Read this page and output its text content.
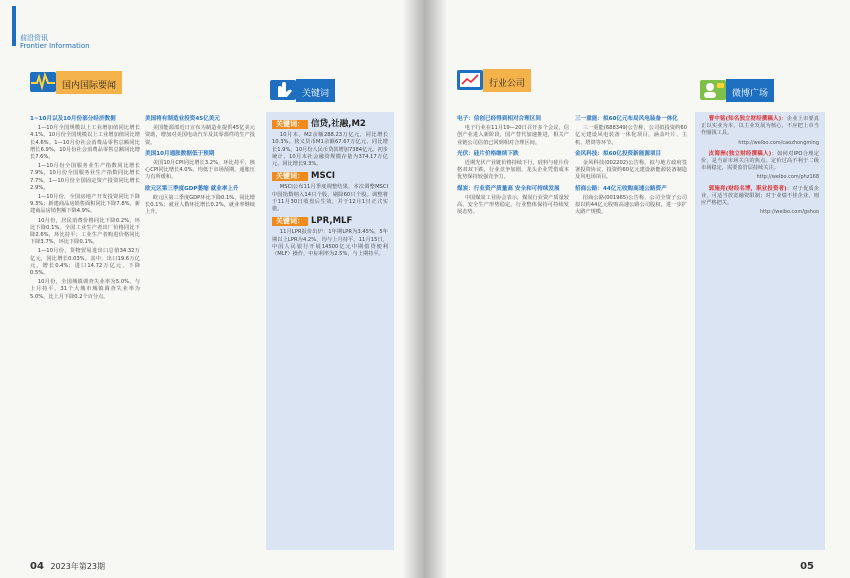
前沿资讯
Frontier Information
国内国际要闻
关键词
1~10月以及10月份部分经济数据

1—10月全国规模以上工业增加值同比增长4.1%。10月份全国规模以上工业增加值同比增长4.6%。1—10月份社会消费品零售总额同比增长6.9%，10月份社会消费品零售总额同比增长7.6%。

1—10月份全国服务业生产指数同比增长7.9%，10月份全国服务业生产指数同比增长7.7%。1—10月份全国固定资产投资同比增长2.9%。

1—10月份，全国房地产开发投资同比下降9.3%；新建商品房销售面积同比下降7.8%，新建商品房销售额下降4.9%。

10月份，居民消费价格同比下降0.2%，环比下降0.1%。全国工业生产者出厂价格同比下降2.6%，环比持平；工业生产者购进价格同比下降3.7%，环比下降0.1%。

1—10月份，货物贸易进出口总值34.32万亿元，同比增长0.03%。其中，出口19.6万亿元，增长0.4%；进口14.72万亿元，下降0.5%。

10月份，全国城镇调查失业率为5.0%，与上月持平。31个大城市城镇调查失业率为5.0%，比上月下降0.2个百分点。

美国将有制造业投资45亿美元

美国能源部近日宣布为制造业提供45亿美元资助，增加对美国电动汽车及其零部件的生产投资。

美国10月通胀数据低于预期

美国10月CPI同比增长3.2%，环比持平，核心CPI同比增长4.0%，均低于市场预期，通胀压力有所缓和。

欧元区第三季度GDP萎缩 就业率上升

欧元区第三季度GDP环比下降0.1%，同比增长0.1%；就业人数环比增长0.2%，就业率继续上升。

关键词： 信贷,社融,M2

10月末，M2余额288.23万亿元，同比增长10.3%。狭义货币M1余额67.67万亿元，同比增长1.9%。10月份人民币贷款增加7384亿元。初步统计，10月末社会融资规模存量为374.17万亿元，同比增长9.3%。

关键词： MSCI

MSCI公布11月季度调整结果，本次调整MSCI中国指数纳入14只个股，剔除60只个股。调整将于11月30日收盘后生效，并于12月1日正式实施。

关键词： LPR,MLF

11月LPR报价出炉：1年期LPR为3.45%，5年期以上LPR为4.2%，均与上月持平。11月15日，中国人民银行开展14500亿元中期借贷便利（MLF）操作，中标利率为2.5%，与上期持平。

04 2023年第23期
行业公司
微博广场
电子：信创已经得到相对合理区间

电子行业在11月19—20日召开多个会议，信创产业进入新阶段，国产替代加速推进，相关产业链公司估值已回到相对合理区间。

光伏：硅片价格继续下跌

近期光伏产业链价格持续下行，硅料与硅片价格双双下跌，行业竞争加剧，龙头企业凭借成本优势保持较强竞争力。

煤炭：行业资产质量高 安全和可持续发展

中国煤炭工业协会表示，煤炭行业资产质量较高，安全生产形势稳定，行业整体保持可持续发展态势。

三一重能：拟60亿元布局风电装备一体化

三一重能(688349)公告称，公司拟投资约60亿元建设风电装备一体化项目，涵盖叶片、主机、塔筒等环节。

金风科技：拟60亿投资新能源项目

金风科技(002202)公告称，拟与地方政府签署投资协议，投资约60亿元建设新能源装备制造及风电场项目。

招商公路：44亿元收购高速公路资产

招商公路(001965)公告称，公司全资子公司拟以约44亿元收购高速公路公司股权，进一步扩大路产规模。

曹中铭(知名独立财经撰稿人)：企业上市要真正以实业为本，以主业发展为核心，不应把上市当作圈钱工具。

http://weibo.com/caozhongming

皮海洲(独立财经撰稿人)：如何对IPO合理定价，是当前市场关注的焦点。定价过高不利于二级市场稳定，需要监管层持续关注。

http://weibo.com/phz168

郭施亮(财经名博，职业投资者)：对于优质企业，可适当放宽融资限制；对于业绩不佳企业，则应严格把关。

http://weibo.com/gshoo
05
